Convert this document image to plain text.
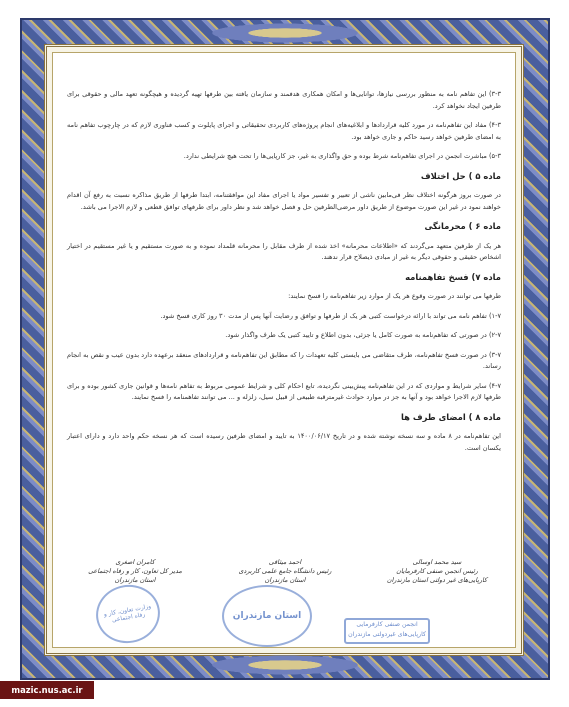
۳-۳) این تفاهم نامه به منظور بررسی نیازها، توانایی‌ها و امکان همکاری هدفمند و سازمان یافته بین طرفها تهیه گردیده و هیچگونه تعهد مالی و حقوقی برای طرفین ایجاد نخواهد کرد.

۴-۳) مفاد این تفاهم‌نامه در مورد کلیه قراردادها و ابلاغیه‌های انجام پروژه‌های کاربردی تحقیقاتی و اجرای پایلوت و کسب فناوری لازم که در چارچوب تفاهم نامه به امضای طرفین خواهد رسید حاکم و جاری خواهد بود.

۵-۳) مباشرت انجمن در اجرای تفاهم‌نامه شرط بوده و حق واگذاری به غیر، جز کارپایی‌ها را تحت هیچ شرایطی ندارد.

ماده ۵ ) حل اختلاف

در صورت بروز هرگونه اختلاف نظر فی‌مابین ناشی از تعبیر و تفسیر مواد یا اجرای مفاد این موافقتنامه، ابتدا طرفها از طریق مذاکره نسبت به رفع آن اقدام خواهند نمود در غیر این صورت موضوع از طریق داور مرضی‌الطرفین حل و فصل خواهد شد و نظر داور برای طرفهای توافق قطعی و لازم الاجرا می باشد.

ماده ۶ ) محرمانگی

هر یک از طرفین متعهد می‌گردند که «اطلاعات محرمانه» اخذ شده از طرف مقابل را محرمانه قلمداد نموده و به صورت مستقیم و یا غیر مستقیم در اختیار اشخاص حقیقی و حقوقی دیگر به غیر از مبادی ذیصلاح قرار ندهند.

ماده ۷) فسخ تفاهمنامه

طرفها می توانند در صورت وقوع هر یک از موارد زیر تفاهم‌نامه را فسخ نمایند:

۱-۷) تفاهم نامه می تواند با ارائه درخواست کتبی هر یک از طرفها و توافق و رضایت آنها پس از مدت ۳۰ روز کاری فسخ شود.

۲-۷) در صورتی که تفاهم‌نامه به صورت کامل یا جزئی، بدون اطلاع و تایید کتبی یک طرف واگذار شود.

۳-۷) در صورت فسخ تفاهم‌نامه، طرف متقاضی می بایستی کلیه تعهدات را که مطابق این تفاهم‌نامه و قراردادهای منعقد برعهده دارد بدون عیب و نقص به انجام رساند.

۴-۷) سایر شرایط و مواردی که در این تفاهم‌نامه پیش‌بینی نگردیده، تابع احکام کلی و شرایط عمومی مربوط به تفاهم نامه‌ها و قوانین جاری کشور بوده و برای طرفها لازم الاجرا خواهد بود و آنها به جز در موارد حوادث غیرمترقبه طبیعی از قبیل سیل، زلزله و ... می توانند تفاهمنامه را فسخ نمایند.

ماده ۸ ) امضای طرف ها

این تفاهم‌نامه در ۸ ماده و سه نسخه نوشته شده و در تاریخ ۱۴۰۰/۰۶/۱۷ به تایید و امضای طرفین رسیده است که هر نسخه حکم واحد دارد و دارای اعتبار یکسان است.

سید محمد اوسالی
رئیس انجمن صنفی کارفرمایان
کارپایی‌های غیر دولتی استان مازندران
احمد میثاقی
رئیس دانشگاه جامع علمی کاربردی
استان مازندران
کامران اصغری
مدیر کل تعاون، کار و رفاه اجتماعی
استان مازندران
وزارت تعاون، کار و رفاه اجتماعی	استان مازندران
انجمن صنفی کارفرمایی
کارپایی‌های غیردولتی مازندران
mazic.nus.ac.ir
